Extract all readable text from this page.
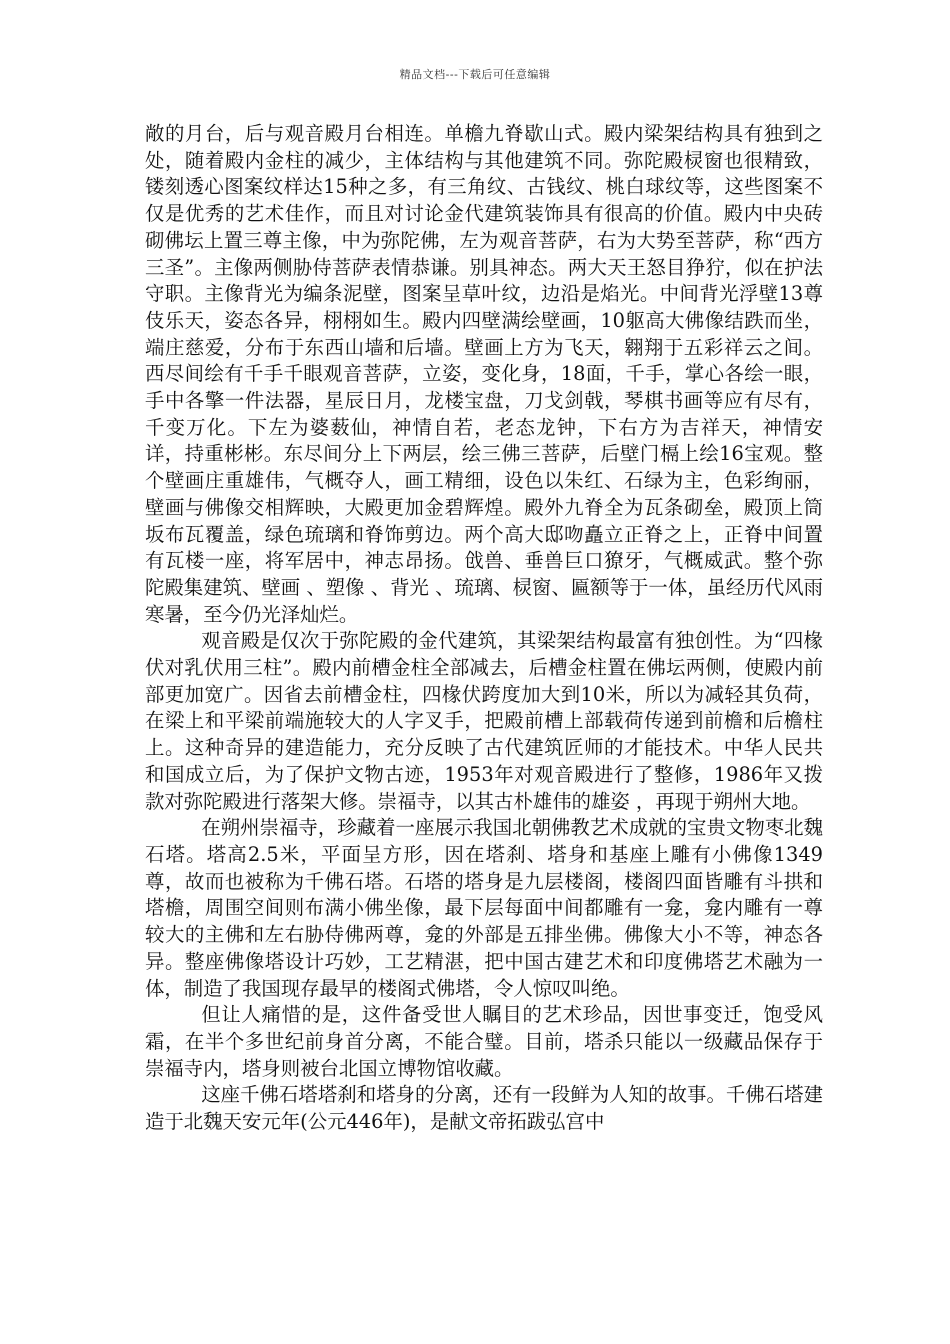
精品文档---下载后可任意编辑

敞的月台，后与观音殿月台相连。单檐九脊歇山式。殿内梁架结构具有独到之处，随着殿内金柱的减少，主体结构与其他建筑不同。弥陀殿棂窗也很精致，镂刻透心图案纹样达15种之多，有三角纹、古钱纹、桃白球纹等，这些图案不仅是优秀的艺术佳作，而且对讨论金代建筑装饰具有很高的价值。殿内中央砖砌佛坛上置三尊主像，中为弥陀佛，左为观音菩萨，右为大势至菩萨，称“西方三圣”。主像两侧胁侍菩萨表情恭谦。别具神态。两大天王怒目狰狞，似在护法守职。主像背光为编条泥壁，图案呈草叶纹，边沿是焰光。中间背光浮壁13尊伎乐天，姿态各异，栩栩如生。殿内四壁满绘壁画，10躯高大佛像结跌而坐，端庄慈爱，分布于东西山墙和后墙。壁画上方为飞天，翱翔于五彩祥云之间。西尽间绘有千手千眼观音菩萨，立姿，变化身，18面，千手，掌心各绘一眼，手中各擎一件法器，星辰日月，龙楼宝盘，刀戈剑戟，琴棋书画等应有尽有，千变万化。下左为婆薮仙，神情自若，老态龙钟，下右方为吉祥天，神情安详，持重彬彬。东尽间分上下两层，绘三佛三菩萨，后壁门槅上绘16宝观。整个壁画庄重雄伟，气概夺人，画工精细，设色以朱红、石绿为主，色彩绚丽，壁画与佛像交相辉映，大殿更加金碧辉煌。殿外九脊全为瓦条砌垒，殿顶上筒坂布瓦覆盖，绿色琉璃和脊饰剪边。两个高大邸吻矗立正脊之上，正脊中间置有瓦楼一座，将军居中，神志昂扬。戗兽、垂兽巨口獠牙，气概威武。整个弥陀殿集建筑、壁画 、塑像 、背光 、琉璃、棂窗、匾额等于一体，虽经历代风雨寒暑，至今仍光泽灿烂。

观音殿是仅次于弥陀殿的金代建筑，其梁架结构最富有独创性。为“四椽伏对乳伏用三柱”。殿内前槽金柱全部减去，后槽金柱置在佛坛两侧，使殿内前部更加宽广。因省去前槽金柱，四椽伏跨度加大到10米，所以为减轻其负荷，在梁上和平梁前端施较大的人字叉手，把殿前槽上部载荷传递到前檐和后檐柱上。这种奇异的建造能力，充分反映了古代建筑匠师的才能技术。中华人民共和国成立后，为了保护文物古迹，1953年对观音殿进行了整修，1986年又拨款对弥陀殿进行落架大修。崇福寺，以其古朴雄伟的雄姿 ，再现于朔州大地。

在朔州崇福寺，珍藏着一座展示我国北朝佛教艺术成就的宝贵文物枣北魏石塔。塔高2.5米，平面呈方形，因在塔刹、塔身和基座上雕有小佛像1349尊，故而也被称为千佛石塔。石塔的塔身是九层楼阁，楼阁四面皆雕有斗拱和塔檐，周围空间则布满小佛坐像，最下层每面中间都雕有一龛，龛内雕有一尊较大的主佛和左右胁侍佛两尊，龛的外部是五排坐佛。佛像大小不等，神态各异。整座佛像塔设计巧妙，工艺精湛，把中国古建艺术和印度佛塔艺术融为一体，制造了我国现存最早的楼阁式佛塔，令人惊叹叫绝。

但让人痛惜的是，这件备受世人瞩目的艺术珍品，因世事变迁，饱受风霜，在半个多世纪前身首分离，不能合璧。目前，塔杀只能以一级藏品保存于崇福寺内，塔身则被台北国立博物馆收藏。

这座千佛石塔塔刹和塔身的分离，还有一段鲜为人知的故事。千佛石塔建造于北魏天安元年(公元446年)，是献文帝拓跋弘宫中
